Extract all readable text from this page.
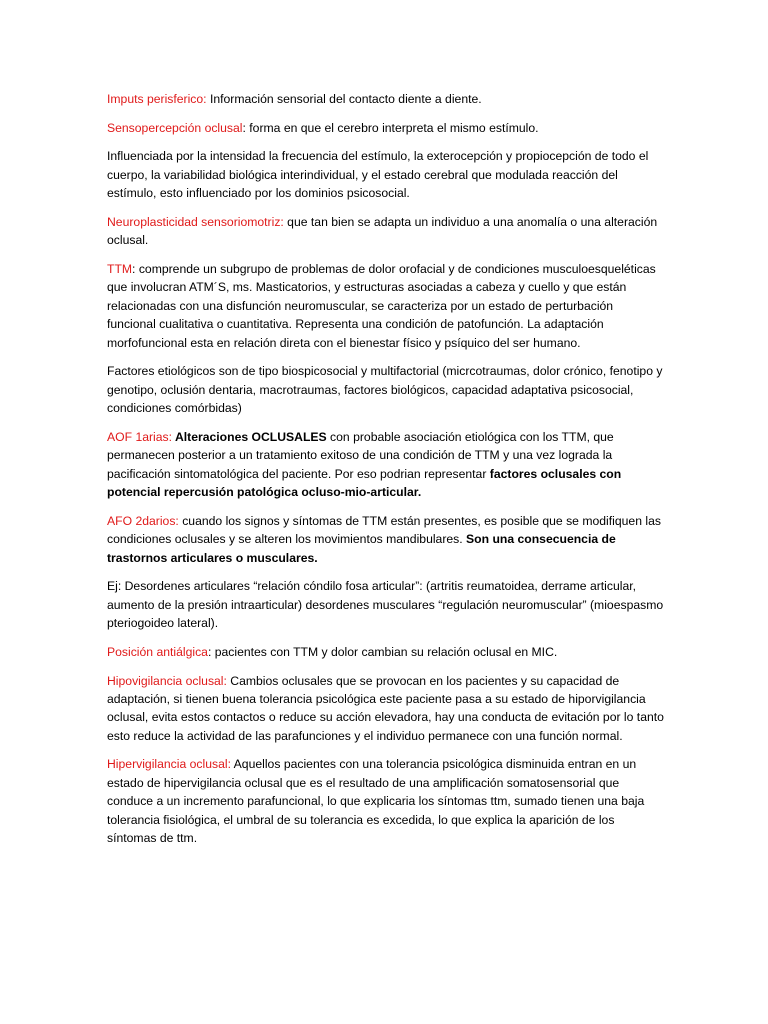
Imputs perisferico: Información sensorial del contacto diente a diente.

Sensopercepción oclusal: forma en que el cerebro interpreta el mismo estímulo.

Influenciada por la intensidad la frecuencia del estímulo, la exterocepción y propiocepción de todo el cuerpo, la variabilidad biológica interindividual, y el estado cerebral que modulada reacción del estímulo, esto influenciado por los dominios psicosocial.

Neuroplasticidad sensoriomotriz: que tan bien se adapta un individuo a una anomalía o una alteración oclusal.

TTM: comprende un subgrupo de problemas de dolor orofacial y de condiciones musculoesqueléticas que involucran ATM´S, ms. Masticatorios, y estructuras asociadas a cabeza y cuello y que están relacionadas con una disfunción neuromuscular, se caracteriza por un estado de perturbación funcional cualitativa o cuantitativa. Representa una condición de patofunción. La adaptación morfofuncional esta en relación direta con el bienestar físico y psíquico del ser humano.

Factores etiológicos son de tipo biospicosocial y multifactorial (micrcotraumas, dolor crónico, fenotipo y genotipo, oclusión dentaria, macrotraumas, factores biológicos, capacidad adaptativa psicosocial, condiciones comórbidas)

AOF 1arias: Alteraciones OCLUSALES con probable asociación etiológica con los TTM, que permanecen posterior a un tratamiento exitoso de una condición de TTM y una vez lograda la pacificación sintomatológica del paciente. Por eso podrian representar factores oclusales con potencial repercusión patológica ocluso-mio-articular.

AFO 2darios: cuando los signos y síntomas de TTM están presentes, es posible que se modifiquen las condiciones oclusales y se alteren los movimientos mandibulares. Son una consecuencia de trastornos articulares o musculares.

Ej: Desordenes articulares “relación cóndilo fosa articular”: (artritis reumatoidea, derrame articular, aumento de la presión intraarticular) desordenes musculares “regulación neuromuscular” (mioespasmo pteriogoideo lateral).

Posición antiálgica: pacientes con TTM y dolor cambian su relación oclusal en MIC.

Hipovigilancia oclusal: Cambios oclusales que se provocan en los pacientes y su capacidad de adaptación, si tienen buena tolerancia psicológica este paciente pasa a su estado de hiporvigilancia oclusal, evita estos contactos o reduce su acción elevadora, hay una conducta de evitación por lo tanto esto reduce la actividad de las parafunciones y el individuo permanece con una función normal.

Hipervigilancia oclusal: Aquellos pacientes con una tolerancia psicológica disminuida entran en un estado de hipervigilancia oclusal que es el resultado de una amplificación somatosensorial que conduce a un incremento parafuncional, lo que explicaria los síntomas ttm, sumado tienen una baja tolerancia fisiológica, el umbral de su tolerancia es excedida, lo que explica la aparición de los síntomas de ttm.
